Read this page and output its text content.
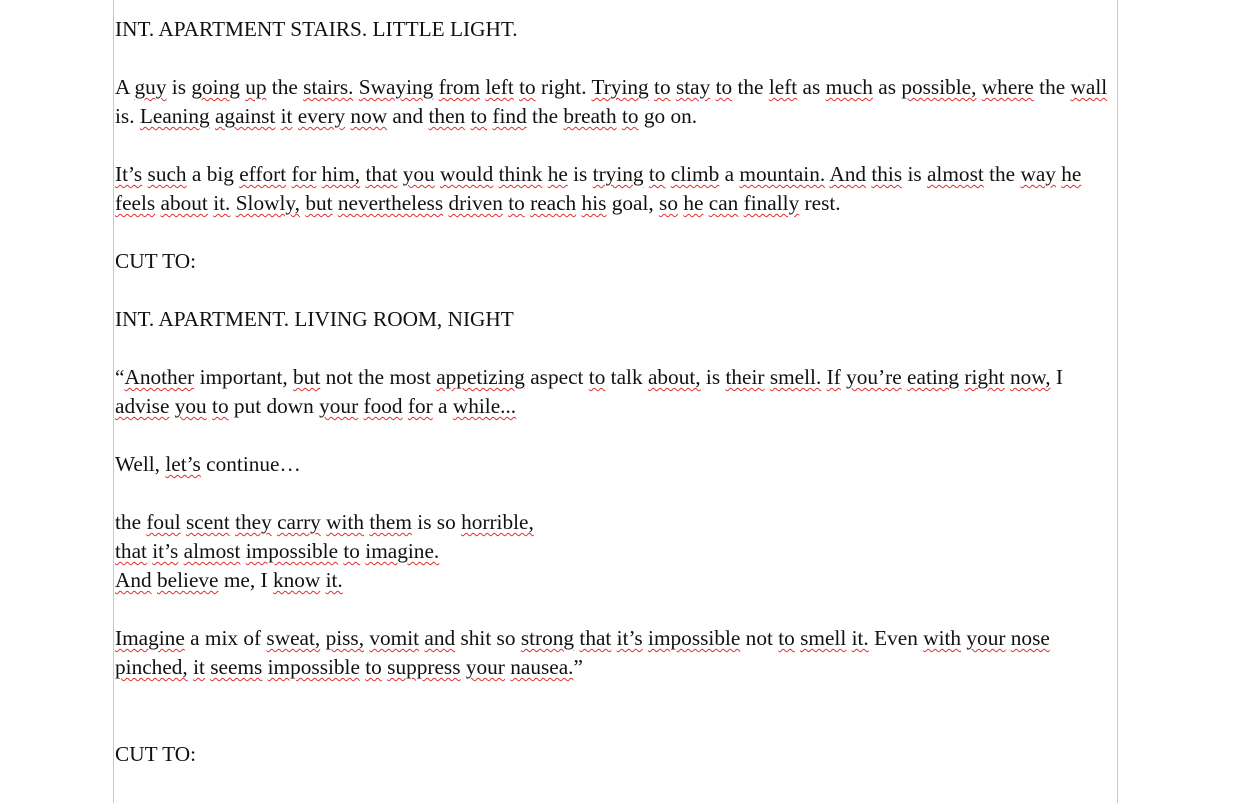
INT. APARTMENT STAIRS. LITTLE LIGHT.

A guy is going up the stairs. Swaying from left to right. Trying to stay to the left as much as possible, where the wall is. Leaning against it every now and then to find the breath to go on.

It’s such a big effort for him, that you would think he is trying to climb a mountain. And this is almost the way he feels about it. Slowly, but nevertheless driven to reach his goal, so he can finally rest.

CUT TO:

INT. APARTMENT. LIVING ROOM, NIGHT

“Another important, but not the most appetizing aspect to talk about, is their smell. If you’re eating right now, I advise you to put down your food for a while...

Well, let’s continue…

the foul scent they carry with them is so horrible,

that it’s almost impossible to imagine.

And believe me, I know it.

Imagine a mix of sweat, piss, vomit and shit so strong that it’s impossible not to smell it. Even with your nose pinched, it seems impossible to suppress your nausea.”

CUT TO:
